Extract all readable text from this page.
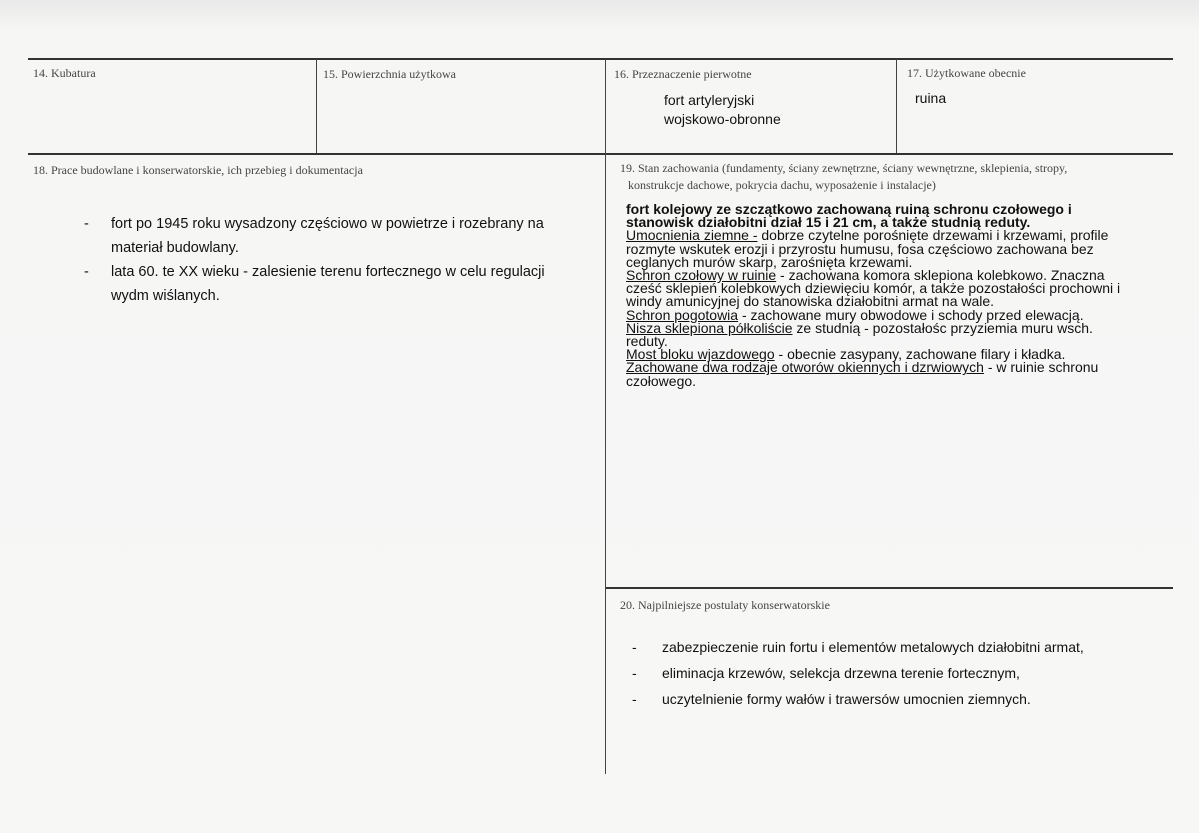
14. Kubatura	15. Powierzchnia użytkowa	16. Przeznaczenie pierwotne
fort artyleryjski
wojskowo-obronne
17. Użytkowane obecnie
ruina
18. Prace budowlane i konserwatorskie, ich przebieg i dokumentacja
-	fort po 1945 roku wysadzony częściowo w powietrze i rozebrany na materiał budowlany.
-	lata 60. te XX wieku - zalesienie terenu fortecznego w celu regulacji wydm wiślanych.
19. Stan zachowania (fundamenty, ściany zewnętrzne, ściany wewnętrzne, sklepienia, stropy,
konstrukcje dachowe, pokrycia dachu, wyposażenie i instalacje)
fort kolejowy ze szczątkowo zachowaną ruiną schronu czołowego i stanowisk działobitni dział 15 i 21 cm, a także studnią reduty.
Umocnienia ziemne - dobrze czytelne porośnięte drzewami i krzewami, profile rozmyte wskutek erozji i przyrostu humusu, fosa częściowo zachowana bez ceglanych murów skarp, zarośnięta krzewami.
Schron czołowy w ruinie - zachowana komora sklepiona kolebkowo. Znaczna cześć sklepień kolebkowych dziewięciu komór, a także pozostałości prochowni i windy amunicyjnej do stanowiska działobitni armat na wale.
Schron pogotowia - zachowane mury obwodowe i schody przed elewacją.
Nisza sklepiona półkoliście ze studnią - pozostałośc przyziemia muru wsch. reduty.
Most bloku wjazdowego - obecnie zasypany, zachowane filary i kładka.
Zachowane dwa rodzaje otworów okiennych i dzrwiowych - w ruinie schronu czołowego.
20. Najpilniejsze postulaty konserwatorskie
-	zabezpieczenie ruin fortu i elementów metalowych działobitni armat,
-	eliminacja krzewów, selekcja drzewna terenie fortecznym,
-	uczytelnienie formy wałów i trawersów umocnien ziemnych.
